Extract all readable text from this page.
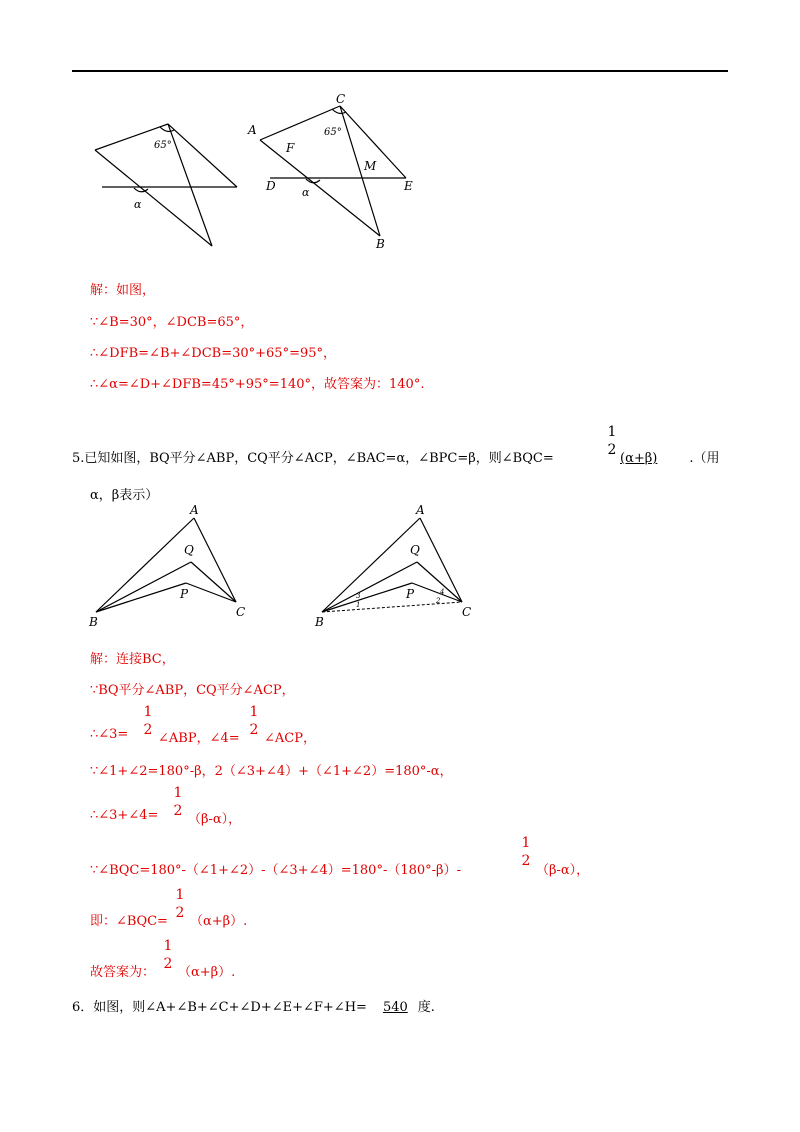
65°
α
A
C
F
M
D	E
B
65°
α
解：如图，
∵∠B=30°，∠DCB=65°，
∴∠DFB=∠B+∠DCB=30°+65°=95°，
∴∠α=∠D+∠DFB=45°+95°=140°，故答案为：140°.
5.已知如图，BQ平分∠ABP，CQ平分∠ACP，∠BAC=α，∠BPC=β，则∠BQC=
1
2
(α+β) .（用
α，β表示）
A
Q
P
B
C
A
Q
P
B
C
1
3
2
4
解：连接BC，
∵BQ平分∠ABP，CQ平分∠ACP，
∴∠3=
1
2
∠ABP，∠4=
1
2
∠ACP，
∵∠1+∠2=180°-β，2（∠3+∠4）+（∠1+∠2）=180°-α，
∴∠3+∠4=
1
2
（β-α），
∵∠BQC=180°-（∠1+∠2）-（∠3+∠4）=180°-（180°-β）-
1
2
（β-α），
即：∠BQC=
1
2
（α+β）.
故答案为：
1
2
（α+β）.
6．如图，则∠A+∠B+∠C+∠D+∠E+∠F+∠H= 540 度.
